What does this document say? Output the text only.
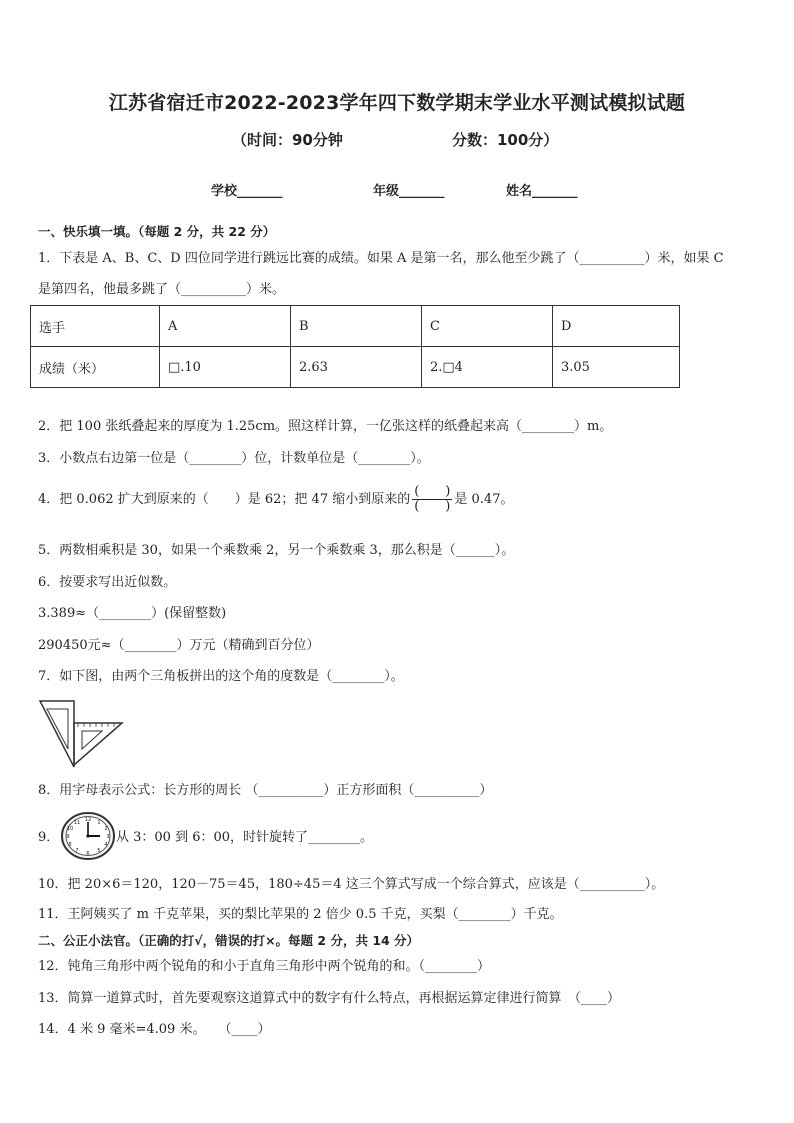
江苏省宿迁市2022-2023学年四下数学期末学业水平测试模拟试题
（时间：90分钟	分数：100分）
学校_______	年级_______	姓名_______
一、快乐填一填。（每题 2 分，共 22 分）
1．下表是 A、B、C、D 四位同学进行跳远比赛的成绩。如果 A 是第一名，那么他至少跳了（__________）米，如果 C
是第四名，他最多跳了（__________）米。
选手	A	B	C	D
成绩（米）	□.10	2.63	2.□4	3.05
2．把 100 张纸叠起来的厚度为 1.25cm。照这样计算，一亿张这样的纸叠起来高（________）m。
3．小数点右边第一位是（________）位，计数单位是（________）。
4．把 0.062 扩大到原来的（　　）是 62；把 47 缩小到原来的 $\frac{( )}{( )}$ 是 0.47。
5．两数相乘积是 30，如果一个乘数乘 2，另一个乘数乘 3，那么积是（______）。
6．按要求写出近似数。
3.389≈（________）(保留整数)
290450元≈（________）万元（精确到百分位）
7．如下图，由两个三角板拼出的这个角的度数是（________）。
8．用字母表示公式：长方形的周长 （__________）正方形面积（__________）
9．
12 1
2
3
4
5
6
7
8
9
10
11
从 3：00 到 6：00，时针旋转了________。
10．把 20×6＝120，120－75＝45，180÷45＝4 这三个算式写成一个综合算式，应该是（__________）。
11．王阿姨买了 m 千克苹果，买的梨比苹果的 2 倍少 0.5 千克，买梨（________）千克。
二、公正小法官。（正确的打√，错误的打×。每题 2 分，共 14 分）
12．钝角三角形中两个锐角的和小于直角三角形中两个锐角的和。（________）
13．简算一道算式时，首先要观察这道算式中的数字有什么特点，再根据运算定律进行简算　（____）
14．4 米 9 毫米=4.09 米。　　（____）
